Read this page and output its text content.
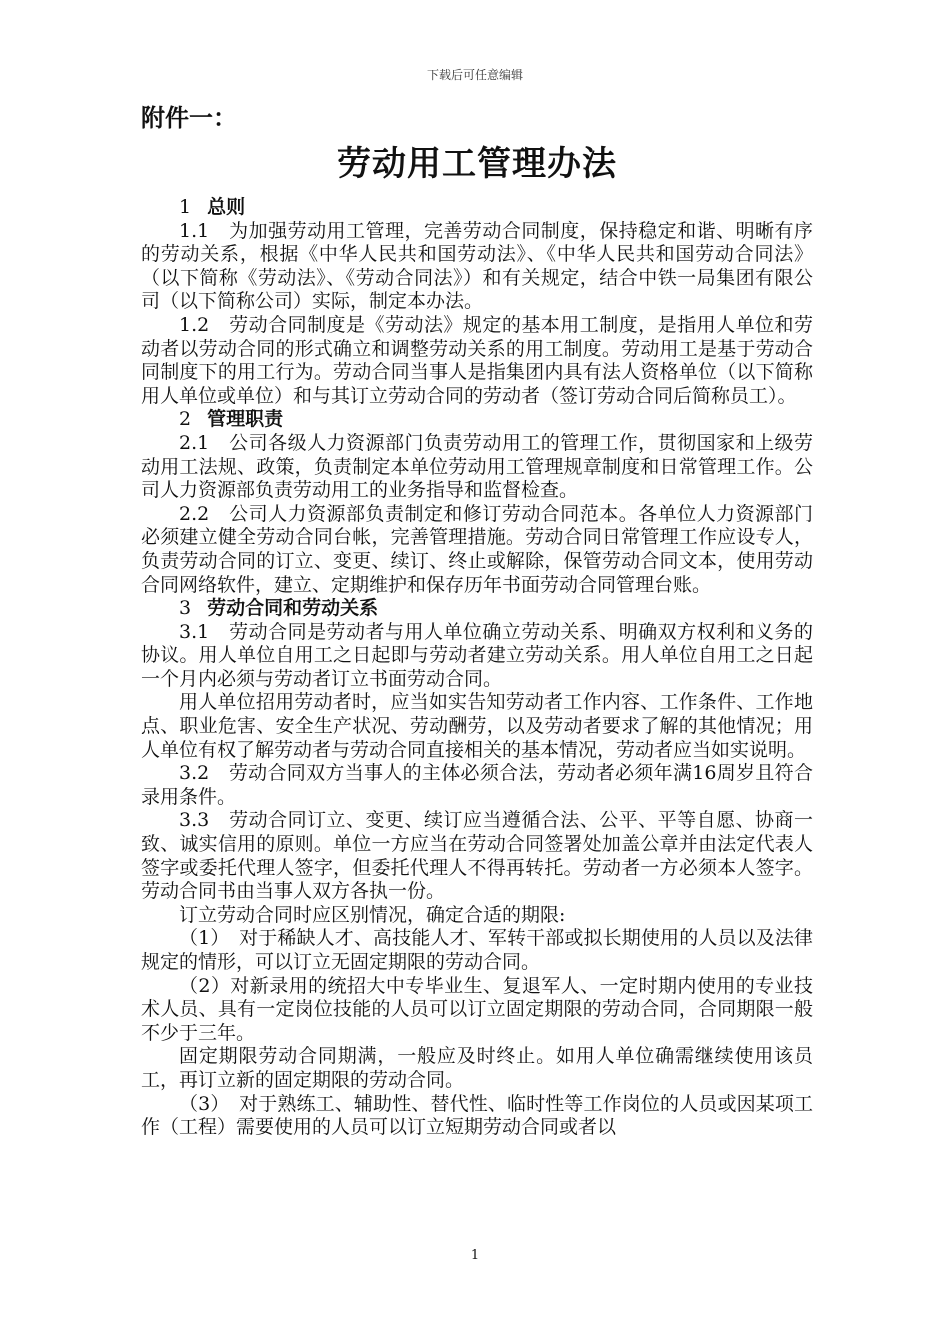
下载后可任意编辑
附件一：
劳动用工管理办法

1 总则

1.1　为加强劳动用工管理，完善劳动合同制度，保持稳定和谐、明晰有序的劳动关系，根据《中华人民共和国劳动法》、《中华人民共和国劳动合同法》（以下简称《劳动法》、《劳动合同法》）和有关规定，结合中铁一局集团有限公司（以下简称公司）实际，制定本办法。

1.2　劳动合同制度是《劳动法》规定的基本用工制度，是指用人单位和劳动者以劳动合同的形式确立和调整劳动关系的用工制度。劳动用工是基于劳动合同制度下的用工行为。劳动合同当事人是指集团内具有法人资格单位（以下简称用人单位或单位）和与其订立劳动合同的劳动者（签订劳动合同后简称员工）。

2 管理职责

2.1　公司各级人力资源部门负责劳动用工的管理工作，贯彻国家和上级劳动用工法规、政策，负责制定本单位劳动用工管理规章制度和日常管理工作。公司人力资源部负责劳动用工的业务指导和监督检查。

2.2　公司人力资源部负责制定和修订劳动合同范本。各单位人力资源部门必须建立健全劳动合同台帐，完善管理措施。劳动合同日常管理工作应设专人，负责劳动合同的订立、变更、续订、终止或解除，保管劳动合同文本，使用劳动合同网络软件，建立、定期维护和保存历年书面劳动合同管理台账。

3 劳动合同和劳动关系

3.1　劳动合同是劳动者与用人单位确立劳动关系、明确双方权利和义务的协议。用人单位自用工之日起即与劳动者建立劳动关系。用人单位自用工之日起一个月内必须与劳动者订立书面劳动合同。

用人单位招用劳动者时，应当如实告知劳动者工作内容、工作条件、工作地点、职业危害、安全生产状况、劳动酬劳，以及劳动者要求了解的其他情况；用人单位有权了解劳动者与劳动合同直接相关的基本情况，劳动者应当如实说明。

3.2　劳动合同双方当事人的主体必须合法，劳动者必须年满16周岁且符合录用条件。

3.3　劳动合同订立、变更、续订应当遵循合法、公平、平等自愿、协商一致、诚实信用的原则。单位一方应当在劳动合同签署处加盖公章并由法定代表人签字或委托代理人签字，但委托代理人不得再转托。劳动者一方必须本人签字。劳动合同书由当事人双方各执一份。

订立劳动合同时应区别情况，确定合适的期限:

（1）　对于稀缺人才、高技能人才、军转干部或拟长期使用的人员以及法律规定的情形，可以订立无固定期限的劳动合同。

（2）对新录用的统招大中专毕业生、复退军人、一定时期内使用的专业技术人员、具有一定岗位技能的人员可以订立固定期限的劳动合同，合同期限一般不少于三年。

固定期限劳动合同期满，一般应及时终止。如用人单位确需继续使用该员工，再订立新的固定期限的劳动合同。

（3）　对于熟练工、辅助性、替代性、临时性等工作岗位的人员或因某项工作（工程）需要使用的人员可以订立短期劳动合同或者以

1
